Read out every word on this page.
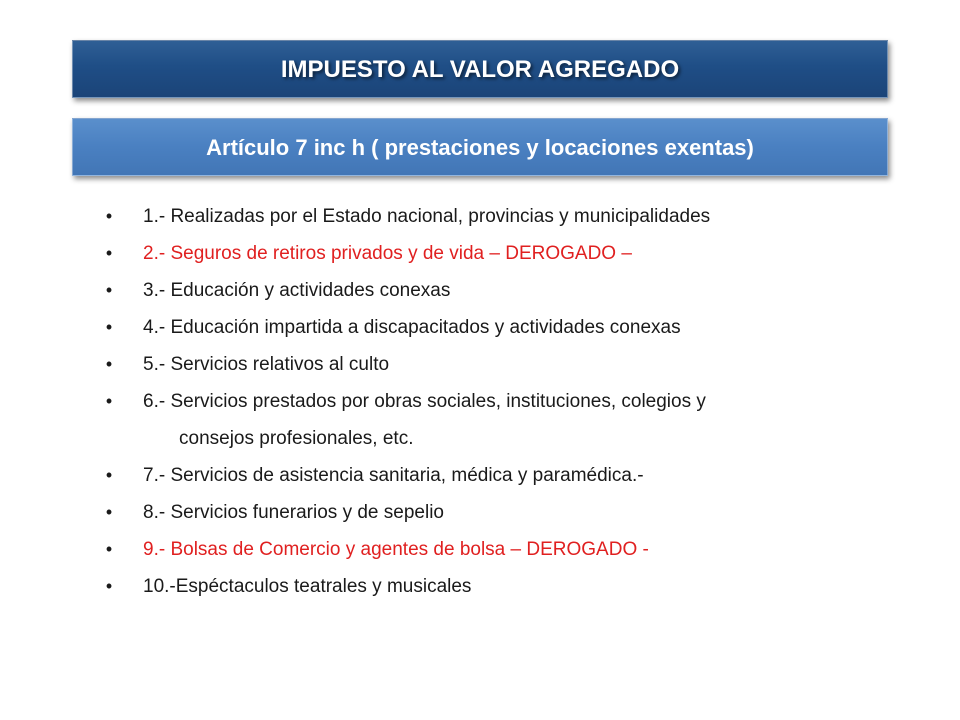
IMPUESTO AL VALOR AGREGADO
Artículo 7 inc h ( prestaciones y locaciones exentas)
• 1.- Realizadas por el Estado nacional, provincias y municipalidades
• 2.- Seguros de retiros privados y de vida – DEROGADO –
• 3.- Educación y actividades conexas
• 4.- Educación impartida a discapacitados y actividades conexas
• 5.- Servicios relativos al culto
• 6.- Servicios prestados por obras sociales, instituciones, colegios y
consejos profesionales, etc.
• 7.- Servicios de asistencia sanitaria, médica y paramédica.-
• 8.- Servicios funerarios y de sepelio
• 9.- Bolsas de Comercio y agentes de bolsa – DEROGADO -
• 10.-Espéctaculos teatrales y musicales
